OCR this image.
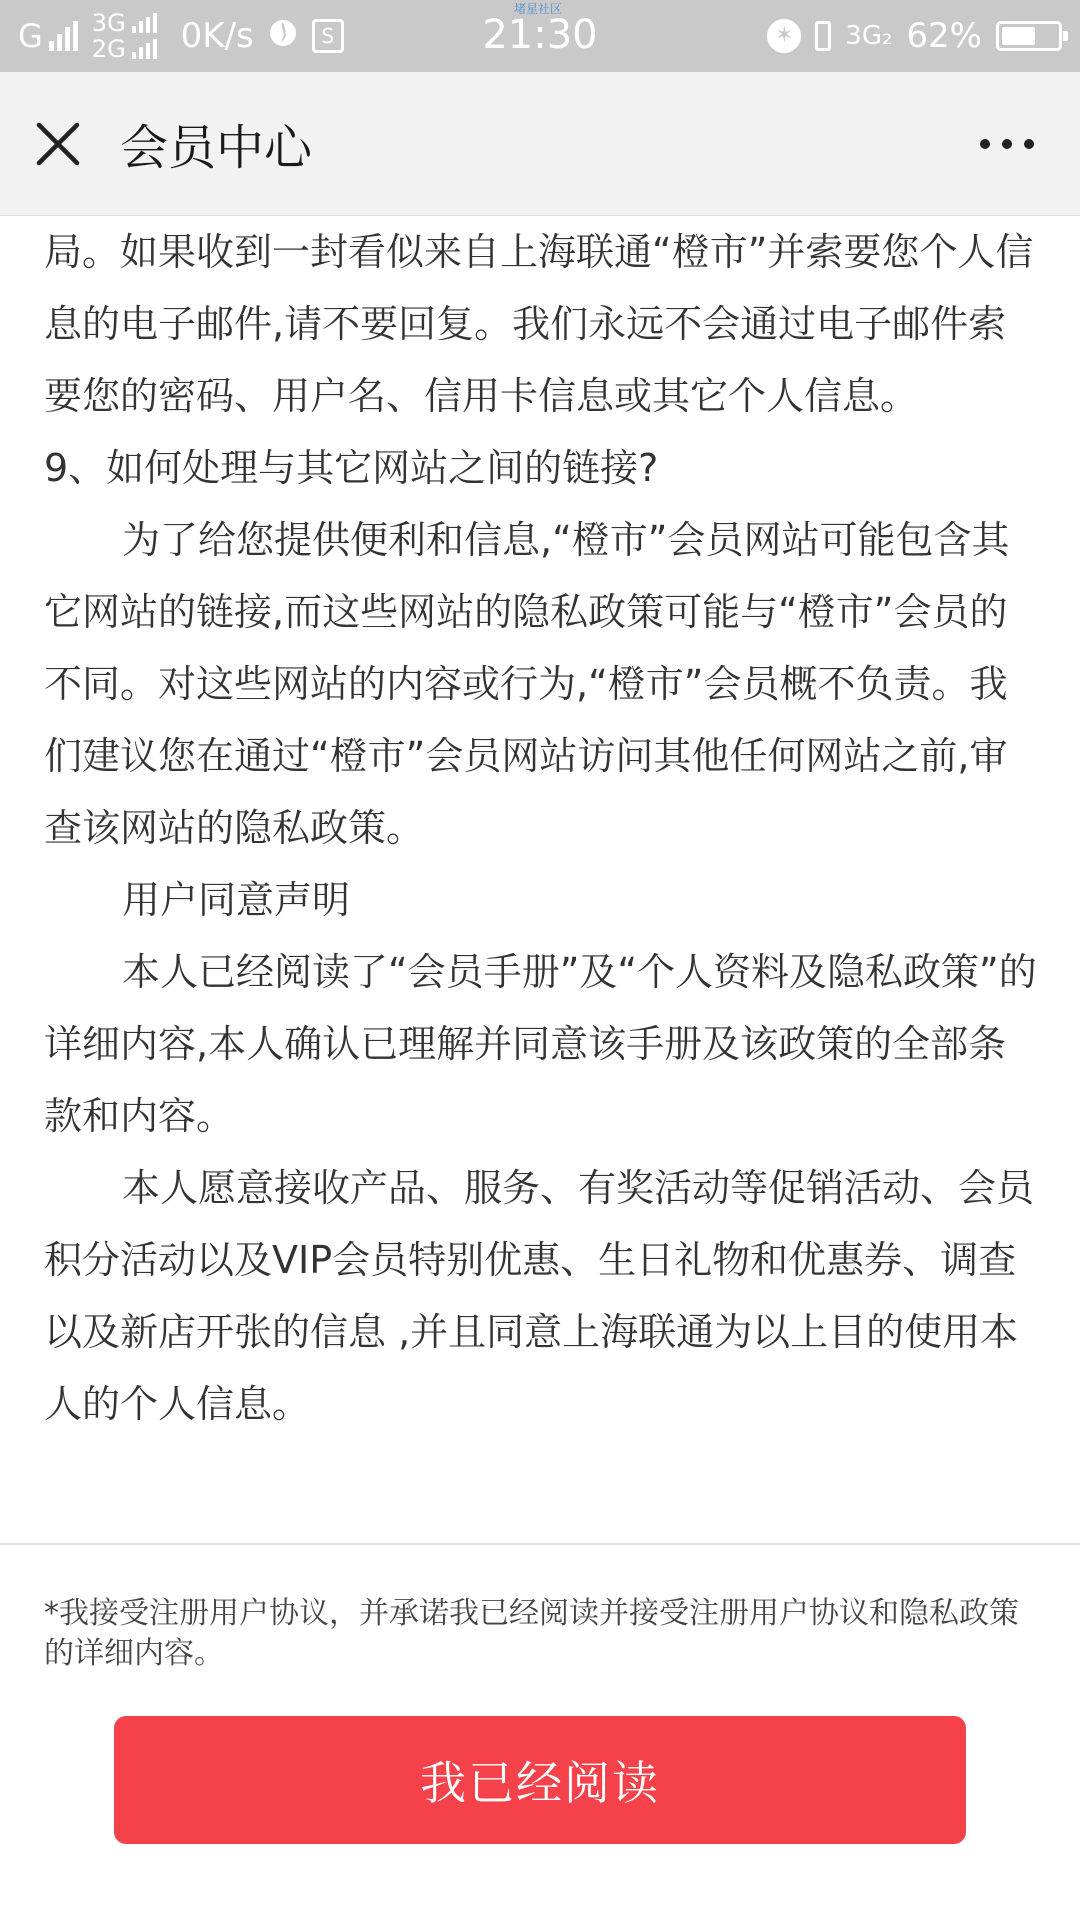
G 3G
2G 0K/s	S	21:30
堵星社区
✶ 3G₂ 62%
会员中心

局。如果收到一封看似来自上海联通“橙市”并索要您个人信息的电子邮件,请不要回复。我们永远不会通过电子邮件索要您的密码、用户名、信用卡信息或其它个人信息。

9、如何处理与其它网站之间的链接?

为了给您提供便利和信息,“橙市”会员网站可能包含其它网站的链接,而这些网站的隐私政策可能与“橙市”会员的不同。对这些网站的内容或行为,“橙市”会员概不负责。我们建议您在通过“橙市”会员网站访问其他任何网站之前,审查该网站的隐私政策。

用户同意声明

本人已经阅读了“会员手册”及“个人资料及隐私政策”的详细内容,本人确认已理解并同意该手册及该政策的全部条款和内容。

本人愿意接收产品、服务、有奖活动等促销活动、会员积分活动以及VIP会员特别优惠、生日礼物和优惠券、调查以及新店开张的信息 ,并且同意上海联通为以上目的使用本人的个人信息。

*我接受注册用户协议，并承诺我已经阅读并接受注册用户协议和隐私政策的详细内容。
我已经阅读
